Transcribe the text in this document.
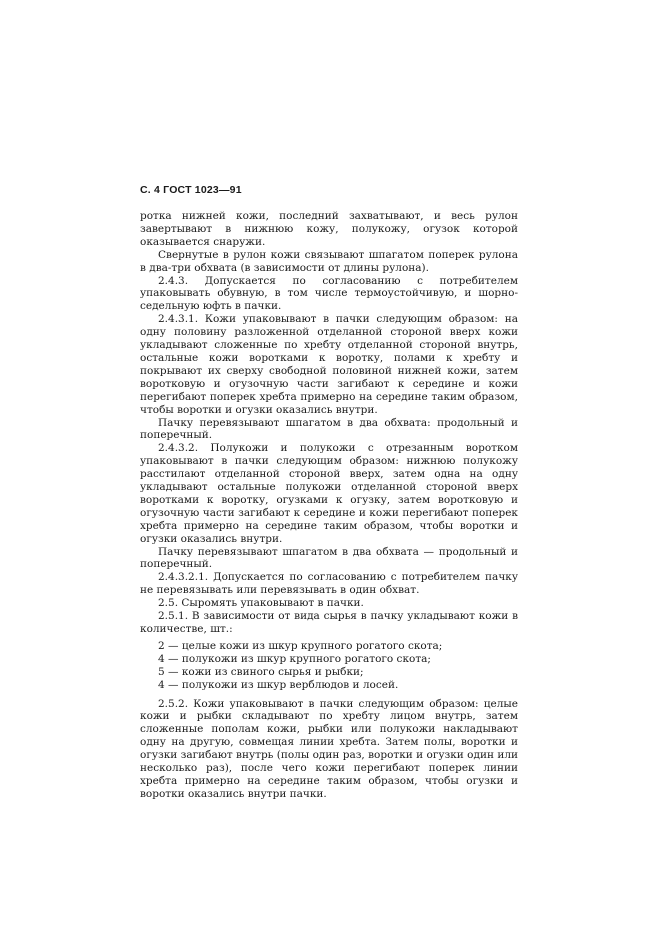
С. 4 ГОСТ 1023—91

ротка нижней кожи, последний захватывают, и весь рулон завертывают в нижнюю кожу, полукожу, огузок которой оказывается снаружи.

Свернутые в рулон кожи связывают шпагатом поперек рулона в два-три обхвата (в зависимости от длины рулона).

2.4.3. Допускается по согласованию с потребителем упаковывать обувную, в том числе термоустойчивую, и шорно-седельную юфть в пачки.

2.4.3.1. Кожи упаковывают в пачки следующим образом: на одну половину разложенной отделанной стороной вверх кожи укладывают сложенные по хребту отделанной стороной внутрь, остальные кожи воротками к воротку, полами к хребту и покрывают их сверху свободной половиной нижней кожи, затем воротковую и огузочную части загибают к середине и кожи перегибают поперек хребта примерно на середине таким образом, чтобы воротки и огузки оказались внутри.

Пачку перевязывают шпагатом в два обхвата: продольный и поперечный.

2.4.3.2. Полукожи и полукожи с отрезанным воротком упаковывают в пачки следующим образом: нижнюю полукожу расстилают отделанной стороной вверх, затем одна на одну укладывают остальные полукожи отделанной стороной вверх воротками к воротку, огузками к огузку, затем воротковую и огузочную части загибают к середине и кожи перегибают поперек хребта примерно на середине таким образом, чтобы воротки и огузки оказались внутри.

Пачку перевязывают шпагатом в два обхвата — продольный и поперечный.

2.4.3.2.1. Допускается по согласованию с потребителем пачку не перевязывать или перевязывать в один обхват.

2.5. Сыромять упаковывают в пачки.

2.5.1. В зависимости от вида сырья в пачку укладывают кожи в количестве, шт.:

2 — целые кожи из шкур крупного рогатого скота;
4 — полукожи из шкур крупного рогатого скота;
5 — кожи из свиного сырья и рыбки;
4 — полукожи из шкур верблюдов и лосей.

2.5.2. Кожи упаковывают в пачки следующим образом: целые кожи и рыбки складывают по хребту лицом внутрь, затем сложенные пополам кожи, рыбки или полукожи накладывают одну на другую, совмещая линии хребта. Затем полы, воротки и огузки загибают внутрь (полы один раз, воротки и огузки один или несколько раз), после чего кожи перегибают поперек линии хребта примерно на середине таким образом, чтобы огузки и воротки оказались внутри пачки.
